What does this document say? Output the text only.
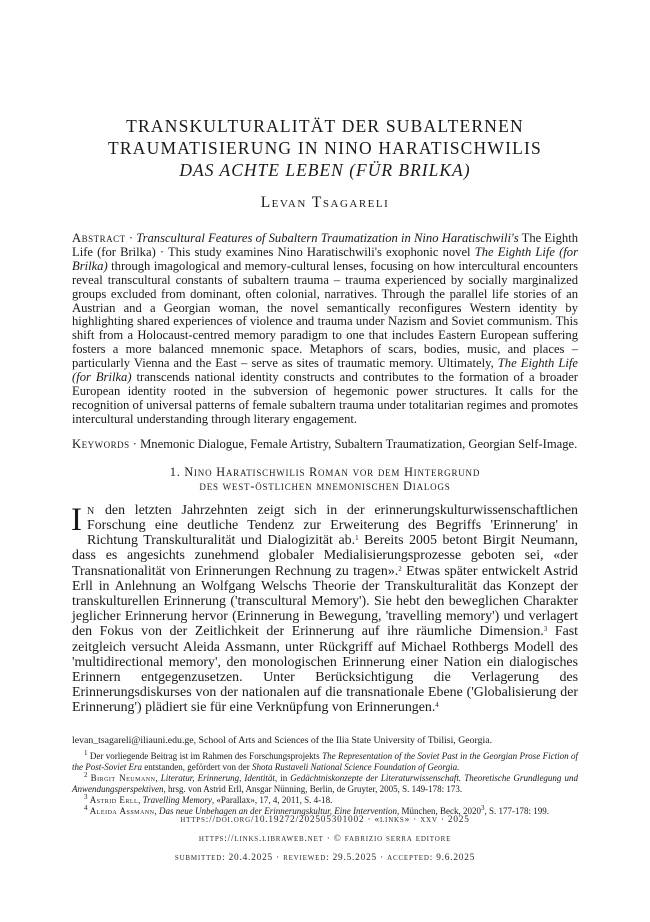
TRANSKULTURALITÄT DER SUBALTERNEN
TRAUMATISIERUNG IN NINO HARATISCHWILIS
DAS ACHTE LEBEN (FÜR BRILKA)
Levan Tsagareli
Abstract · Transcultural Features of Subaltern Traumatization in Nino Haratischwili's The Eighth Life (for Brilka) · This study examines Nino Haratischwili's exophonic novel The Eighth Life (for Brilka) through imagological and memory-cultural lenses, focusing on how intercultural encounters reveal transcultural constants of subaltern trauma – trauma experienced by socially marginalized groups excluded from dominant, often colonial, narratives. Through the parallel life stories of an Austrian and a Georgian woman, the novel semantically reconfigures Western identity by highlighting shared experiences of violence and trauma under Nazism and Soviet communism. This shift from a Holocaust-centred memory paradigm to one that includes Eastern European suffering fosters a more balanced mnemonic space. Metaphors of scars, bodies, music, and places – particularly Vienna and the East – serve as sites of traumatic memory. Ultimately, The Eighth Life (for Brilka) transcends national identity constructs and contributes to the formation of a broader European identity rooted in the subversion of hegemonic power structures. It calls for the recognition of universal patterns of female subaltern trauma under totalitarian regimes and promotes intercultural understanding through literary engagement.
Keywords · Mnemonic Dialogue, Female Artistry, Subaltern Traumatization, Georgian Self-Image.
1. Nino Haratischwilis Roman vor dem Hintergrund
des west-östlichen mnemonischen Dialogs
In den letzten Jahrzehnten zeigt sich in der erinnerungskulturwissenschaftlichen Forschung eine deutliche Tendenz zur Erweiterung des Begriffs 'Erinnerung' in Richtung Transkulturalität und Dialogizität ab.$^1$ Bereits 2005 betont Birgit Neumann, dass es angesichts zunehmend globaler Medialisierungsprozesse geboten sei, «der Transnationalität von Erinnerungen Rechnung zu tragen».$^2$ Etwas später entwickelt Astrid Erll in Anlehnung an Wolfgang Welschs Theorie der Transkulturalität das Konzept der transkulturellen Erinnerung ('transcultural Memory'). Sie hebt den beweglichen Charakter jeglicher Erinnerung hervor (Erinnerung in Bewegung, 'travelling memory') und verlagert den Fokus von der Zeitlichkeit der Erinnerung auf ihre räumliche Dimension.$^3$ Fast zeitgleich versucht Aleida Assmann, unter Rückgriff auf Michael Rothbergs Modell des 'multidirectional memory', den monologischen Erinnerung einer Nation ein dialogisches Erinnern entgegenzusetzen. Unter Berücksichtigung die Verlagerung des Erinnerungsdiskurses von der nationalen auf die transnationale Ebene ('Globalisierung der Erinnerung') plädiert sie für eine Verknüpfung von Erinnerungen.$^4$
levan_tsagareli@iliauni.edu.ge, School of Arts and Sciences of the Ilia State University of Tbilisi, Georgia.
$^1$ Der vorliegende Beitrag ist im Rahmen des Forschungsprojekts The Representation of the Soviet Past in the Georgian Prose Fiction of the Post-Soviet Era entstanden, gefördert von der Shota Rustaveli National Science Foundation of Georgia.
$^2$ Birgit Neumann, Literatur, Erinnerung, Identität, in Gedächtniskonzepte der Literaturwissenschaft. Theoretische Grundlegung und Anwendungsperspektiven, hrsg. von Astrid Erll, Ansgar Nünning, Berlin, de Gruyter, 2005, S. 149-178: 173.
$^3$ Astrid Erll, Travelling Memory, «Parallax», 17, 4, 2011, S. 4-18.
$^4$ Aleida Assmann, Das neue Unbehagen an der Erinnerungskultur, Eine Intervention, München, Beck, 2020$^3$, S. 177-178: 199.
https://doi.org/10.19272/202505301002 · «links» · xxv · 2025
https://links.libraweb.net · © fabrizio serra editore
submitted: 20.4.2025 · reviewed: 29.5.2025 · accepted: 9.6.2025
